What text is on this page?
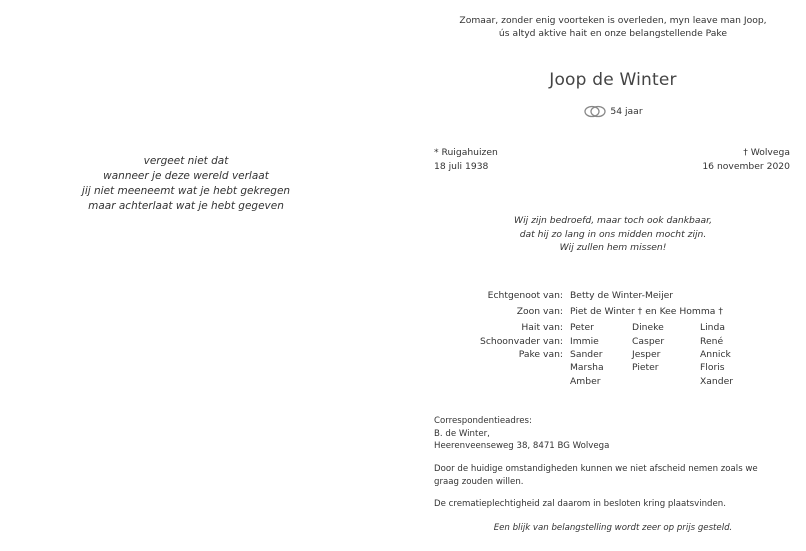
vergeet niet dat
wanneer je deze wereld verlaat
jij niet meeneemt wat je hebt gekregen
maar achterlaat wat je hebt gegeven
Zomaar, zonder enig voorteken is overleden, myn leave man Joop,
ús altyd aktive hait en onze belangstellende Pake
Joop de Winter
54 jaar
* Ruigahuizen
18 juli 1938
† Wolvega
16 november 2020
Wij zijn bedroefd, maar toch ook dankbaar,
dat hij zo lang in ons midden mocht zijn.
Wij zullen hem missen!
Echtgenoot van:
Zoon van:
Hait van:
Schoonvader van:
Pake van:
Betty de Winter-Meijer
Piet de Winter † en Kee Homma †
Peter
Immie
Sander
Marsha
Amber
Dineke
Casper
Jesper
Pieter
Linda
René
Annick
Floris
Xander
Correspondentieadres:
B. de Winter,
Heerenveenseweg 38, 8471 BG Wolvega
Door de huidige omstandigheden kunnen we niet afscheid nemen zoals we graag zouden willen.
De crematieplechtigheid zal daarom in besloten kring plaatsvinden.
Een blijk van belangstelling wordt zeer op prijs gesteld.
